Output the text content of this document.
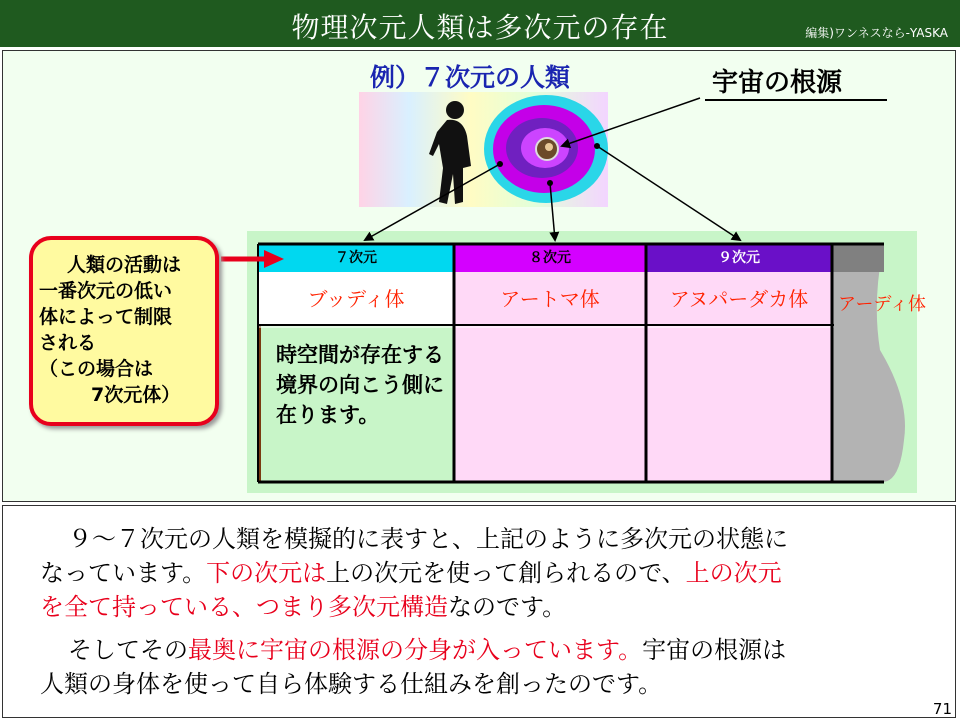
物理次元人類は多次元の存在	編集)ワンネスなら-YASKA
例）７次元の人類	宇宙の根源
７次元	８次元	９次元
ブッディ体	アートマ体	アヌパーダカ体	アーディ体
時空間が存在する境界の向こう側に在ります。
人類の活動は
一番次元の低い
体によって制限
される
（この場合は
7次元体）
９〜７次元の人類を模擬的に表すと、上記のように多次元の状態に
なっています。下の次元は上の次元を使って創られるので、上の次元
を全て持っている、つまり多次元構造なのです。
そしてその最奥に宇宙の根源の分身が入っています。宇宙の根源は
人類の身体を使って自ら体験する仕組みを創ったのです。
71
